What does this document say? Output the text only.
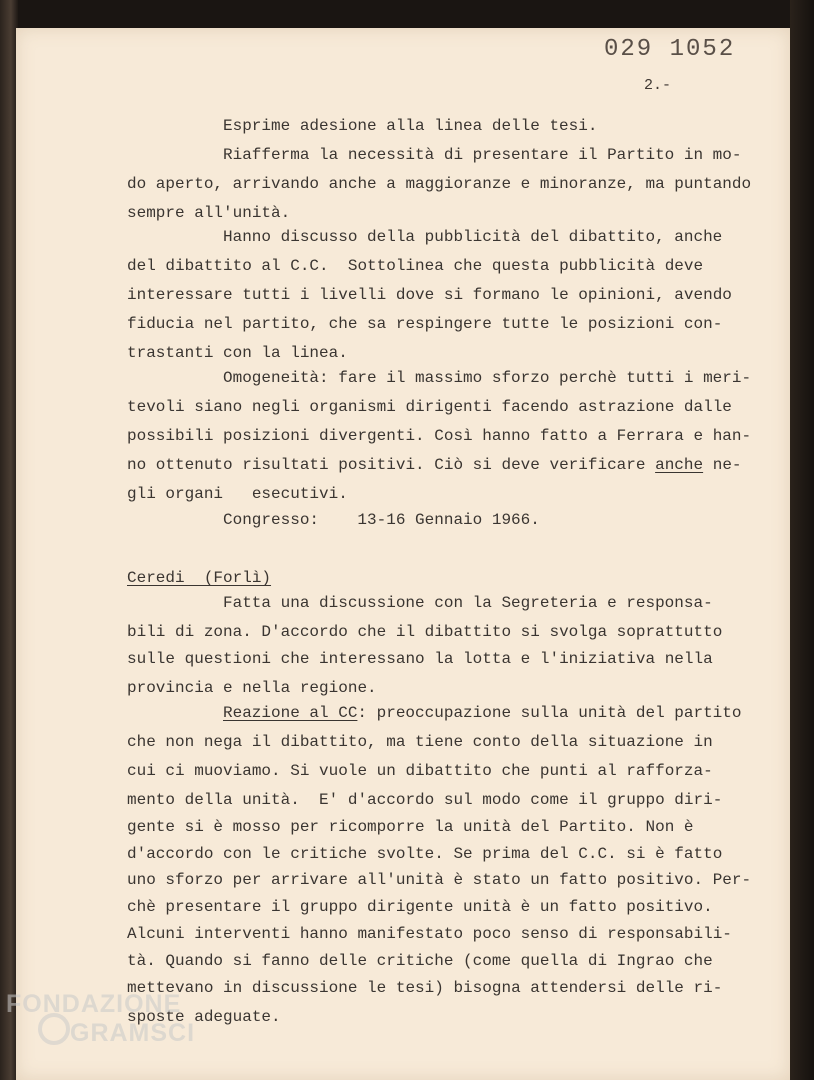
029 1052
2.-
Esprime adesione alla linea delle tesi.
Riafferma la necessità di presentare il Partito in mo-
do aperto, arrivando anche a maggioranze e minoranze, ma puntando
sempre all'unità.
Hanno discusso della pubblicità del dibattito, anche
del dibattito al C.C.  Sottolinea che questa pubblicità deve
interessare tutti i livelli dove si formano le opinioni, avendo
fiducia nel partito, che sa respingere tutte le posizioni con-
trastanti con la linea.
Omogeneità: fare il massimo sforzo perchè tutti i meri-
tevoli siano negli organismi dirigenti facendo astrazione dalle
possibili posizioni divergenti. Così hanno fatto a Ferrara e han-
no ottenuto risultati positivi. Ciò si deve verificare anche ne-
gli organi   esecutivi.
Congresso:    13-16 Gennaio 1966.
Ceredi  (Forlì)
Fatta una discussione con la Segreteria e responsa-
bili di zona. D'accordo che il dibattito si svolga soprattutto
sulle questioni che interessano la lotta e l'iniziativa nella
provincia e nella regione.
Reazione al CC: preoccupazione sulla unità del partito
che non nega il dibattito, ma tiene conto della situazione in
cui ci muoviamo. Si vuole un dibattito che punti al rafforza-
mento della unità.  E' d'accordo sul modo come il gruppo diri-
gente si è mosso per ricomporre la unità del Partito. Non è
d'accordo con le critiche svolte. Se prima del C.C. si è fatto
uno sforzo per arrivare all'unità è stato un fatto positivo. Per-
chè presentare il gruppo dirigente unità è un fatto positivo.
Alcuni interventi hanno manifestato poco senso di responsabili-
tà. Quando si fanno delle critiche (come quella di Ingrao che
mettevano in discussione le tesi) bisogna attendersi delle ri-
sposte adeguate.
FONDAZIONE
GRAMSCI
